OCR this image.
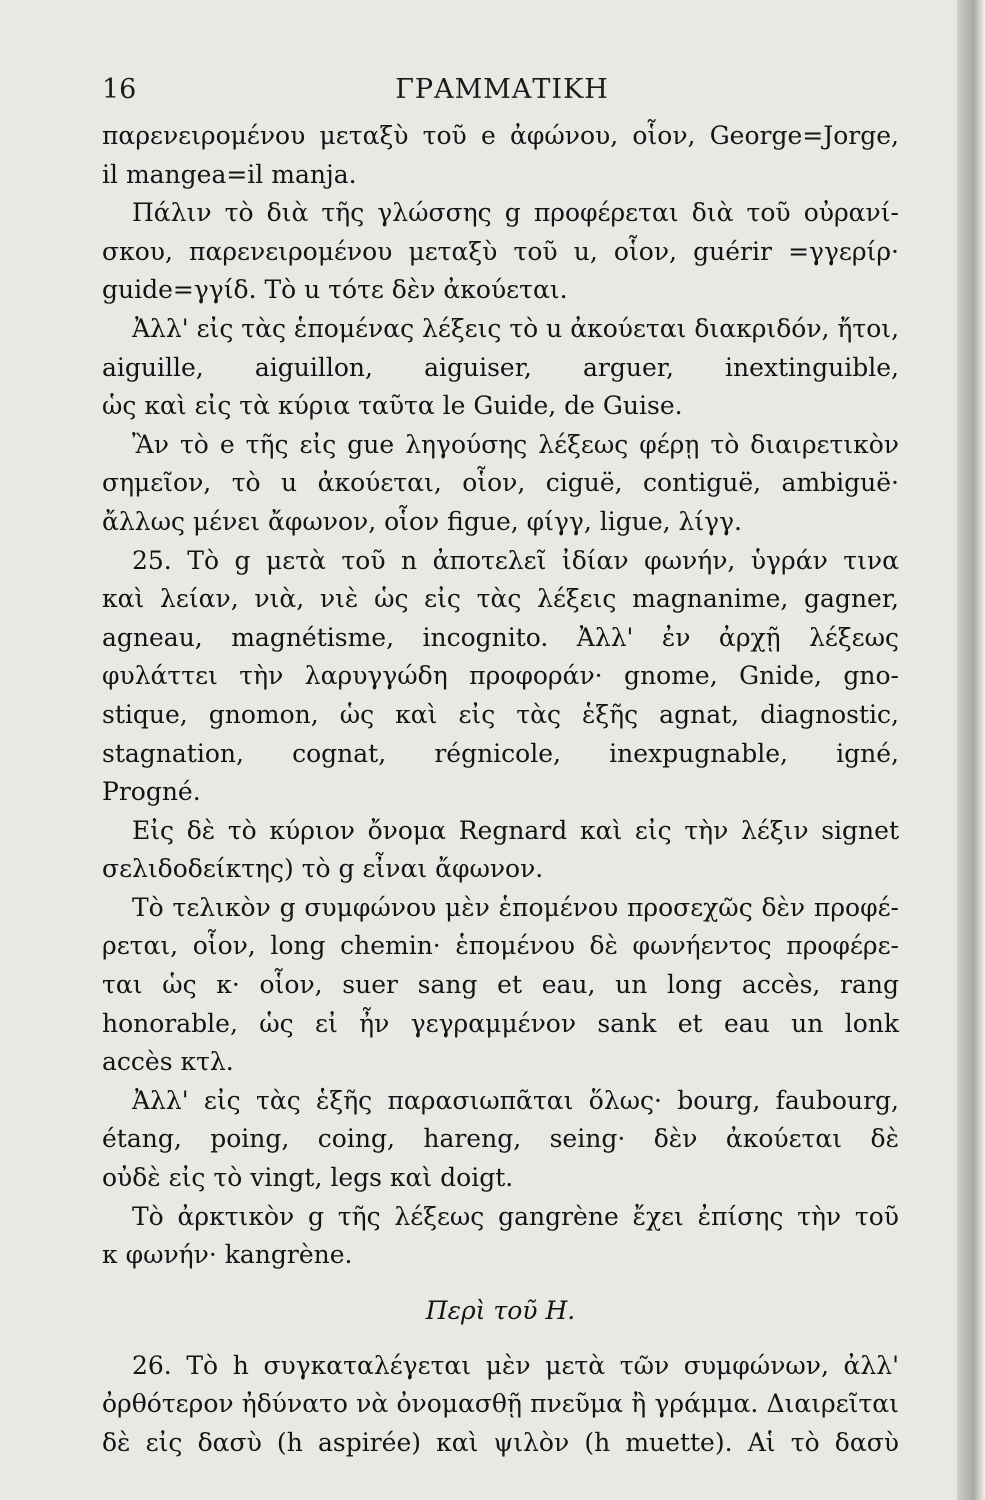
16	ΓΡΑΜΜΑΤΙΚΗ
παρενειρομένου μεταξὺ τοῦ e ἀφώνου, οἷον, George=Jorge,
il mangea=il manja.
Πάλιν τὸ διὰ τῆς γλώσσης g προφέρεται διὰ τοῦ οὐρανί-
σκου, παρενειρομένου μεταξὺ τοῦ u, οἷον, guérir =γγερίρ·
guide=γγίδ. Τὸ u τότε δὲν ἀκούεται.
Ἀλλ' εἰς τὰς ἑπομένας λέξεις τὸ u ἀκούεται διακριδόν, ἤτοι,
aiguille, aiguillon, aiguiser, arguer, inextinguible,
ὡς καὶ εἰς τὰ κύρια ταῦτα le Guide, de Guise.
Ἂν τὸ e τῆς εἰς gue ληγούσης λέξεως φέρῃ τὸ διαιρετικὸν
σημεῖον, τὸ u ἀκούεται, οἷον, ciguë, contiguë, ambiguë·
ἄλλως μένει ἄφωνον, οἷον figue, φίγγ, ligue, λίγγ.
25. Τὸ g μετὰ τοῦ n ἀποτελεῖ ἰδίαν φωνήν, ὑγράν τινα
καὶ λείαν, νιὰ, νιὲ ὡς εἰς τὰς λέξεις magnanime, gagner,
agneau, magnétisme, incognito. Ἀλλ' ἐν ἀρχῇ λέξεως
φυλάττει τὴν λαρυγγώδη προφοράν· gnome, Gnide, gno-
stique, gnomon, ὡς καὶ εἰς τὰς ἑξῆς agnat, diagnostic,
stagnation, cognat, régnicole, inexpugnable, igné,
Progné.
Εἰς δὲ τὸ κύριον ὄνομα Regnard καὶ εἰς τὴν λέξιν signet
σελιδοδείκτης) τὸ g εἶναι ἄφωνον.
Τὸ τελικὸν g συμφώνου μὲν ἑπομένου προσεχῶς δὲν προφέ-
ρεται, οἷον, long chemin· ἑπομένου δὲ φωνήεντος προφέρε-
ται ὡς κ· οἷον, suer sang et eau, un long accès, rang
honorable, ὡς εἰ ἦν γεγραμμένον sank et eau un lonk
accès κτλ.
Ἀλλ' εἰς τὰς ἑξῆς παρασιωπᾶται ὅλως· bourg, faubourg,
étang, poing, coing, hareng, seing· δὲν ἀκούεται δὲ
οὐδὲ εἰς τὸ vingt, legs καὶ doigt.
Τὸ ἀρκτικὸν g τῆς λέξεως gangrène ἔχει ἐπίσης τὴν τοῦ
κ φωνήν· kangrène.
Περὶ τοῦ Η.
26. Τὸ h συγκαταλέγεται μὲν μετὰ τῶν συμφώνων, ἀλλ'
ὀρθότερον ἠδύνατο νὰ ὀνομασθῇ πνεῦμα ἢ γράμμα. Διαιρεῖται
δὲ εἰς δασὺ (h aspirée) καὶ ψιλὸν (h muette). Αἱ τὸ δασὺ
